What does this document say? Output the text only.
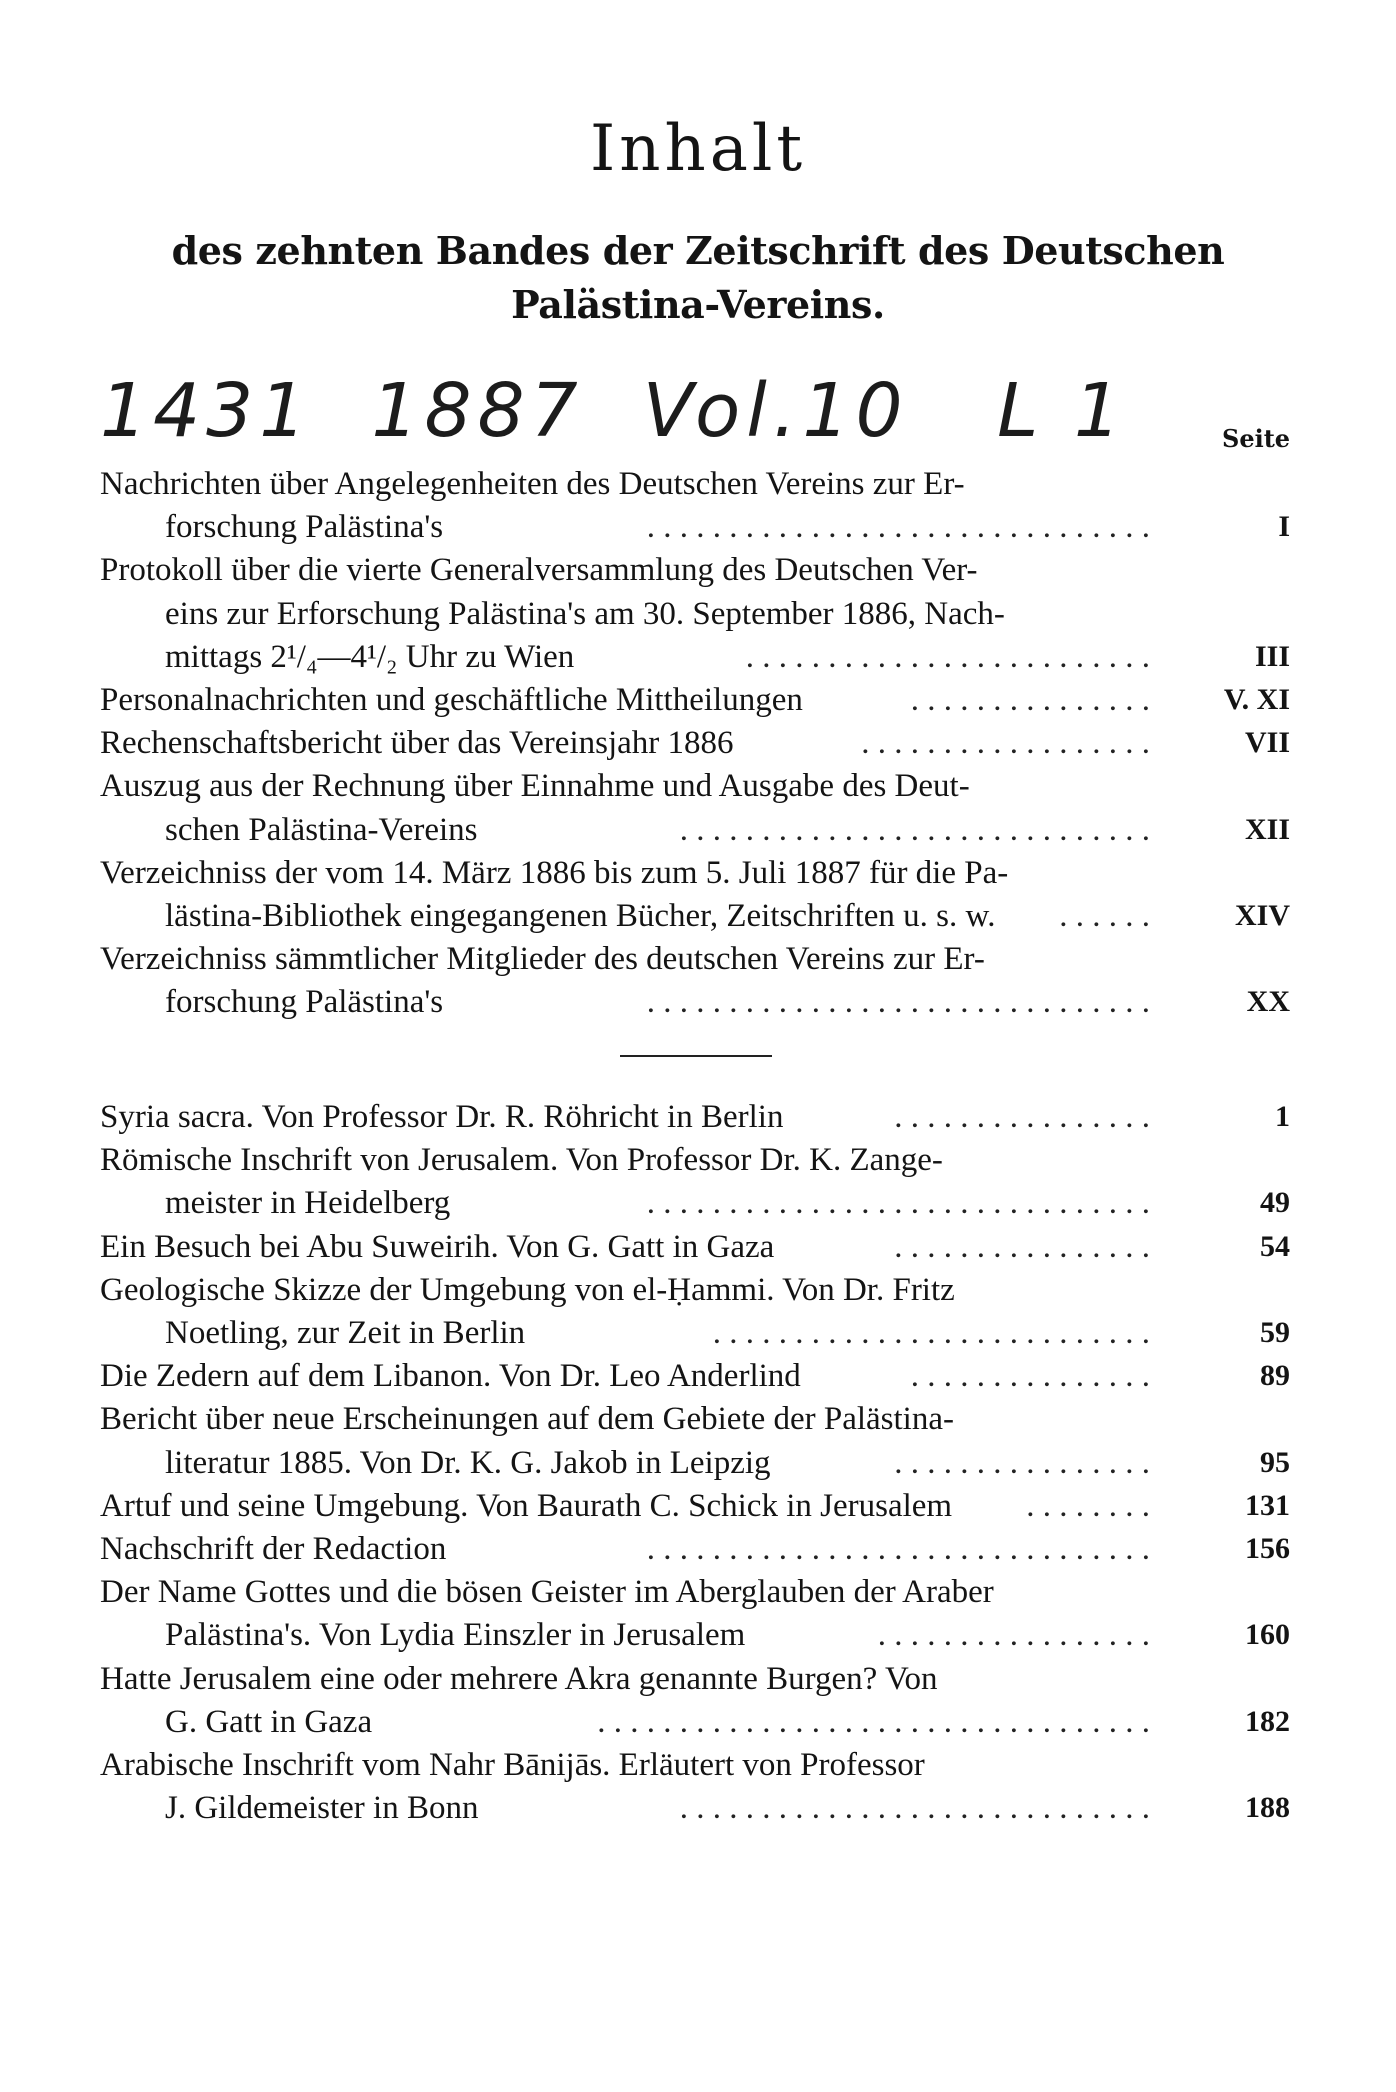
Inhalt
des zehnten Bandes der Zeitschrift des Deutschen
Palästina-Vereins.
1431  1887  Vol.10   L 1	Seite
Nachrichten über Angelegenheiten des Deutschen Vereins zur Er-
forschung Palästina's	I
. . . . . . . . . . . . . . . . . . . . . . . . . . . . . . .
Protokoll über die vierte Generalversammlung des Deutschen Ver-
eins zur Erforschung Palästina's am 30. September 1886, Nach-
mittags 2¹/₄—4¹/₂ Uhr zu Wien	III
. . . . . . . . . . . . . . . . . . . . . . . . .
Personalnachrichten und geschäftliche Mittheilungen	V. XI
. . . . . . . . . . . . . . .
Rechenschaftsbericht über das Vereinsjahr 1886	VII
. . . . . . . . . . . . . . . . . .
Auszug aus der Rechnung über Einnahme und Ausgabe des Deut-
schen Palästina-Vereins	XII
. . . . . . . . . . . . . . . . . . . . . . . . . . . . .
Verzeichniss der vom 14. März 1886 bis zum 5. Juli 1887 für die Pa-
lästina-Bibliothek eingegangenen Bücher, Zeitschriften u. s. w.	XIV
. . . . . .
Verzeichniss sämmtlicher Mitglieder des deutschen Vereins zur Er-
forschung Palästina's	XX
. . . . . . . . . . . . . . . . . . . . . . . . . . . . . . .
Syria sacra. Von Professor Dr. R. Röhricht in Berlin	1
. . . . . . . . . . . . . . . .
Römische Inschrift von Jerusalem. Von Professor Dr. K. Zange-
meister in Heidelberg	49
. . . . . . . . . . . . . . . . . . . . . . . . . . . . . . .
Ein Besuch bei Abu Suweirih. Von G. Gatt in Gaza	54
. . . . . . . . . . . . . . . .
Geologische Skizze der Umgebung von el-Ḥammi. Von Dr. Fritz
Noetling, zur Zeit in Berlin	59
. . . . . . . . . . . . . . . . . . . . . . . . . . .
Die Zedern auf dem Libanon. Von Dr. Leo Anderlind	89
. . . . . . . . . . . . . . .
Bericht über neue Erscheinungen auf dem Gebiete der Palästina-
literatur 1885. Von Dr. K. G. Jakob in Leipzig	95
. . . . . . . . . . . . . . . .
Artuf und seine Umgebung. Von Baurath C. Schick in Jerusalem	131
. . . . . . . .
Nachschrift der Redaction	156
. . . . . . . . . . . . . . . . . . . . . . . . . . . . . . .
Der Name Gottes und die bösen Geister im Aberglauben der Araber
Palästina's. Von Lydia Einszler in Jerusalem	160
. . . . . . . . . . . . . . . . .
Hatte Jerusalem eine oder mehrere Akra genannte Burgen? Von
G. Gatt in Gaza	182
. . . . . . . . . . . . . . . . . . . . . . . . . . . . . . . . . .
Arabische Inschrift vom Nahr Bānijās. Erläutert von Professor
J. Gildemeister in Bonn	188
. . . . . . . . . . . . . . . . . . . . . . . . . . . . .
